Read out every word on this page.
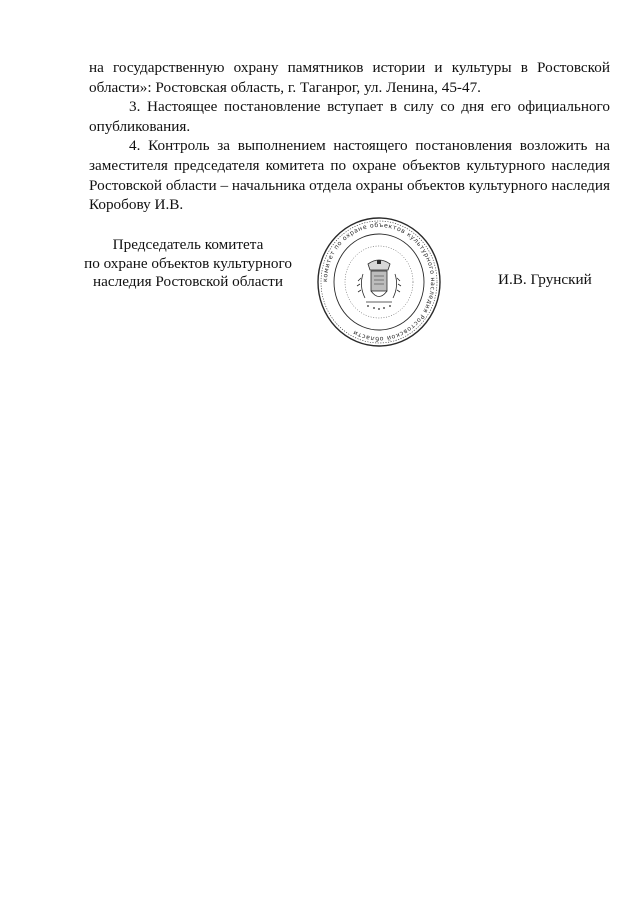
на государственную охрану памятников истории и культуры в Ростовской области»: Ростовская область, г. Таганрог, ул. Ленина, 45-47.

3. Настоящее постановление вступает в силу со дня его официального опубликования.

4. Контроль за выполнением настоящего постановления возложить на заместителя председателя комитета по охране объектов культурного наследия Ростовской области – начальника отдела охраны объектов культурного наследия Коробову И.В.

Председатель комитета
по охране объектов культурного
наследия Ростовской области	комитет по охране объектов культурного наследия Ростовской области
И.В. Грунский
